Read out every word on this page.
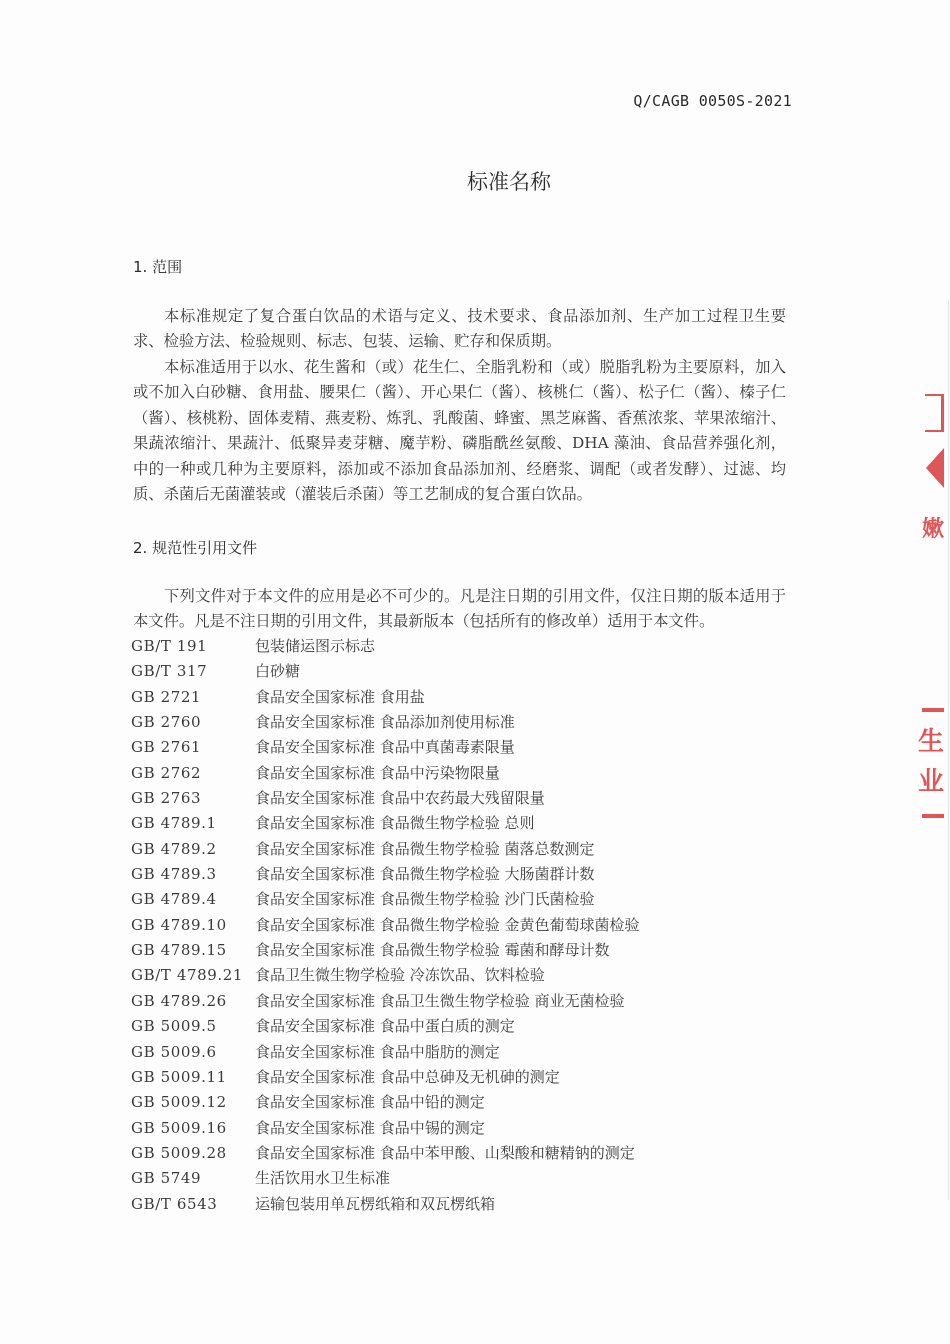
Q/CAGB 0050S-2021
标准名称
1. 范围

本标准规定了复合蛋白饮品的术语与定义、技术要求、食品添加剂、生产加工过程卫生要求、检验方法、检验规则、标志、包装、运输、贮存和保质期。

本标准适用于以水、花生酱和（或）花生仁、全脂乳粉和（或）脱脂乳粉为主要原料，加入或不加入白砂糖、食用盐、腰果仁（酱）、开心果仁（酱）、核桃仁（酱）、松子仁（酱）、榛子仁（酱）、核桃粉、固体麦精、燕麦粉、炼乳、乳酸菌、蜂蜜、黑芝麻酱、香蕉浓浆、苹果浓缩汁、果蔬浓缩汁、果蔬汁、低聚异麦芽糖、魔芋粉、磷脂酰丝氨酸、DHA 藻油、食品营养强化剂，中的一种或几种为主要原料，添加或不添加食品添加剂、经磨浆、调配（或者发酵）、过滤、均质、杀菌后无菌灌装或（灌装后杀菌）等工艺制成的复合蛋白饮品。

2. 规范性引用文件

下列文件对于本文件的应用是必不可少的。凡是注日期的引用文件，仅注日期的版本适用于本文件。凡是不注日期的引用文件，其最新版本（包括所有的修改单）适用于本文件。

GB/T 191	包装储运图示标志
GB/T 317	白砂糖
GB 2721	食品安全国家标准 食用盐
GB 2760	食品安全国家标准 食品添加剂使用标准
GB 2761	食品安全国家标准 食品中真菌毒素限量
GB 2762	食品安全国家标准 食品中污染物限量
GB 2763	食品安全国家标准 食品中农药最大残留限量
GB 4789.1	食品安全国家标准 食品微生物学检验 总则
GB 4789.2	食品安全国家标准 食品微生物学检验 菌落总数测定
GB 4789.3	食品安全国家标准 食品微生物学检验 大肠菌群计数
GB 4789.4	食品安全国家标准 食品微生物学检验 沙门氏菌检验
GB 4789.10 食品安全国家标准 食品微生物学检验 金黄色葡萄球菌检验
GB 4789.15 食品安全国家标准 食品微生物学检验 霉菌和酵母计数
GB/T 4789.21 食品卫生微生物学检验 冷冻饮品、饮料检验
GB 4789.26 食品安全国家标准 食品卫生微生物学检验 商业无菌检验
GB 5009.5	食品安全国家标准 食品中蛋白质的测定
GB 5009.6	食品安全国家标准 食品中脂肪的测定
GB 5009.11 食品安全国家标准 食品中总砷及无机砷的测定
GB 5009.12 食品安全国家标准 食品中铅的测定
GB 5009.16 食品安全国家标准 食品中锡的测定
GB 5009.28 食品安全国家标准 食品中苯甲酸、山梨酸和糖精钠的测定
GB 5749	生活饮用水卫生标准
GB/T 6543	运输包装用单瓦楞纸箱和双瓦楞纸箱
嫰
生业
